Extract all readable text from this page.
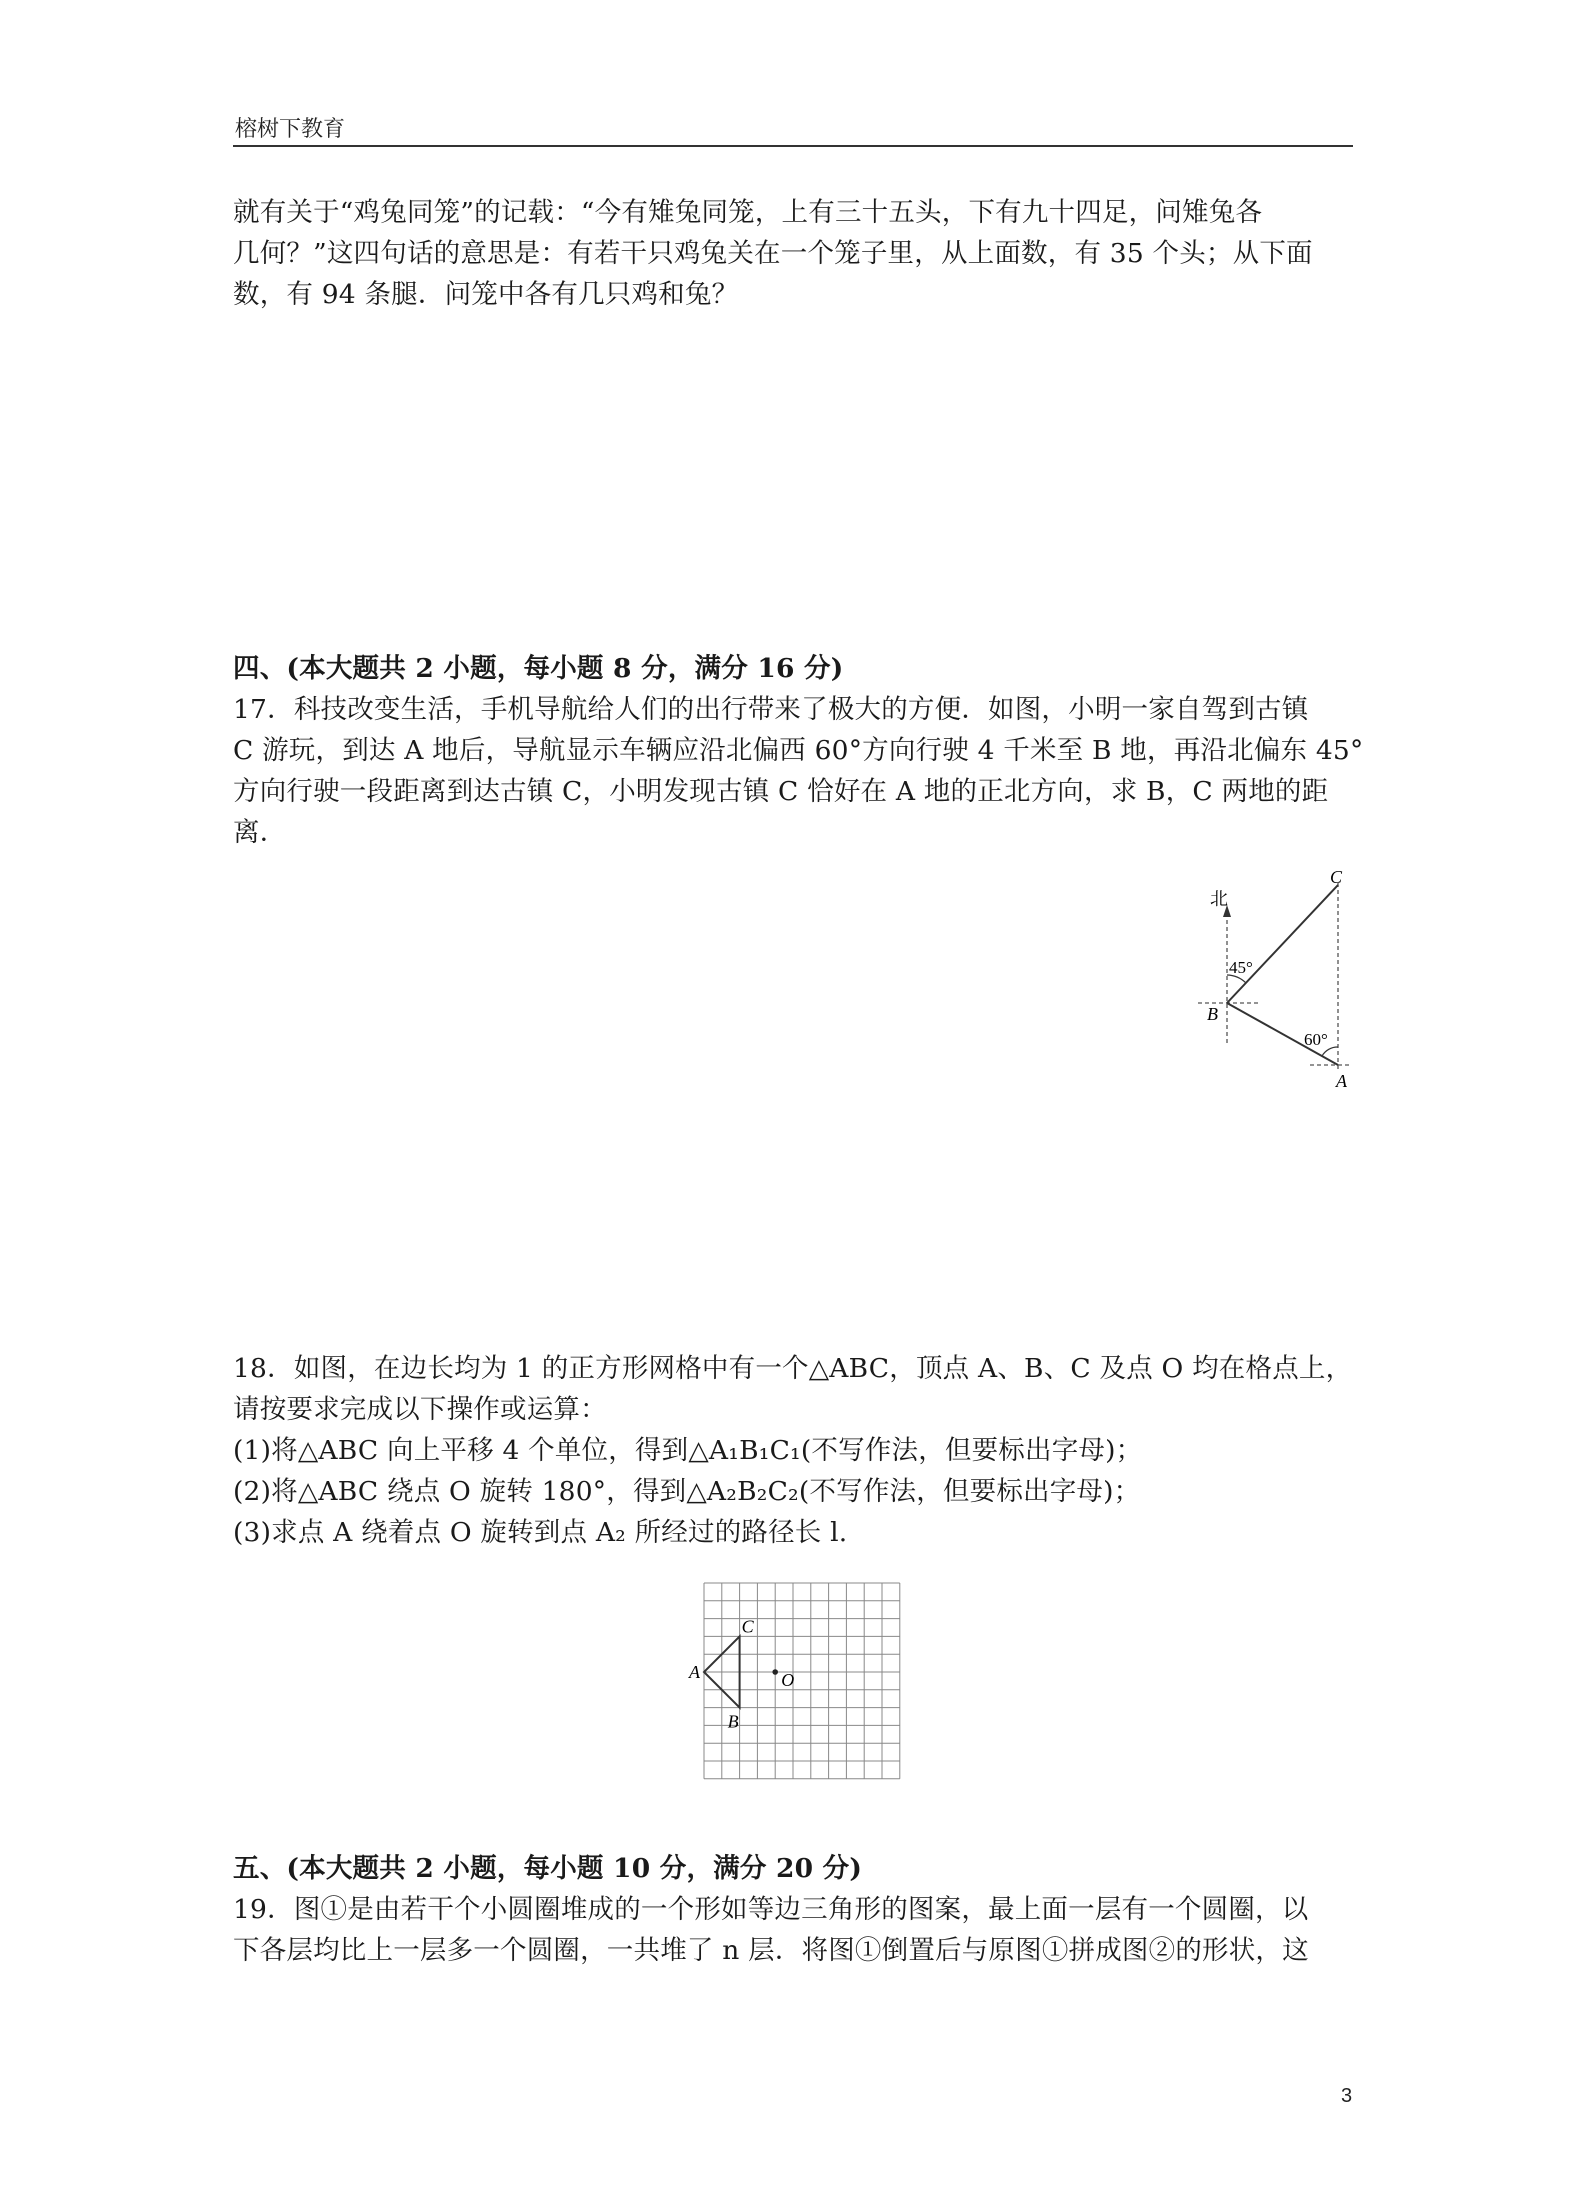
榕树下教育
就有关于“鸡兔同笼”的记载：“今有雉兔同笼，上有三十五头，下有九十四足，问雉兔各
几何？”这四句话的意思是：有若干只鸡兔关在一个笼子里，从上面数，有 35 个头；从下面
数，有 94 条腿．问笼中各有几只鸡和兔？
四、(本大题共 2 小题，每小题 8 分，满分 16 分)
17．科技改变生活，手机导航给人们的出行带来了极大的方便．如图，小明一家自驾到古镇
C 游玩，到达 A 地后，导航显示车辆应沿北偏西 60°方向行驶 4 千米至 B 地，再沿北偏东 45°
方向行驶一段距离到达古镇 C，小明发现古镇 C 恰好在 A 地的正北方向，求 B，C 两地的距
离．
北
45°
B
C
60°
A
18．如图，在边长均为 1 的正方形网格中有一个△ABC，顶点 A、B、C 及点 O 均在格点上，
请按要求完成以下操作或运算：
(1)将△ABC 向上平移 4 个单位，得到△A₁B₁C₁(不写作法，但要标出字母)；
(2)将△ABC 绕点 O 旋转 180°，得到△A₂B₂C₂(不写作法，但要标出字母)；
(3)求点 A 绕着点 O 旋转到点 A₂ 所经过的路径长 l.
A
B
C
O
五、(本大题共 2 小题，每小题 10 分，满分 20 分)
19．图①是由若干个小圆圈堆成的一个形如等边三角形的图案，最上面一层有一个圆圈，以
下各层均比上一层多一个圆圈，一共堆了 n 层．将图①倒置后与原图①拼成图②的形状，这
3
